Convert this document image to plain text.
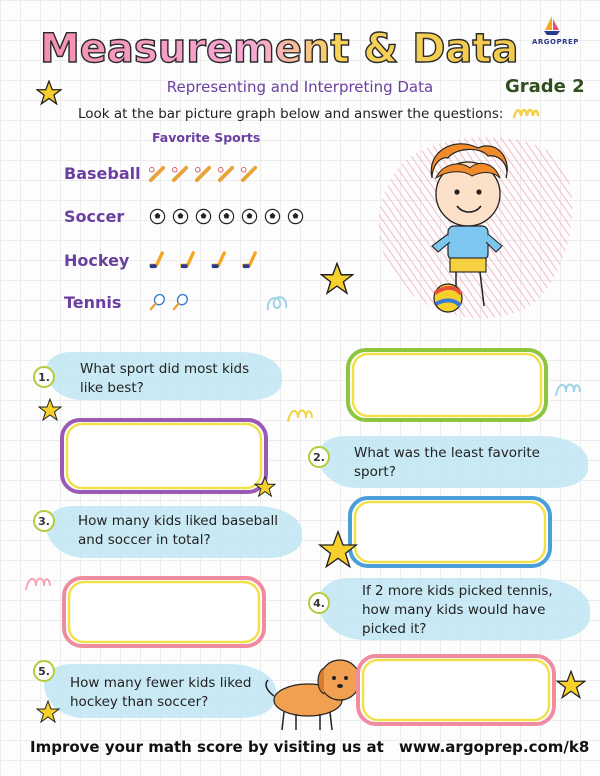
Measurement & Data ARGOPREP
Representing and Interpreting Data	Grade 2
Look at the bar picture graph below and answer the questions:
Favorite Sports
Baseball
Soccer
Hockey
Tennis
1.	What sport did most kids like best?
2.	What was the least favorite sport?
3.	How many kids liked baseball and soccer in total?
4.
If 2 more kids picked tennis, how many kids would have picked it?
5.
How many fewer kids liked hockey than soccer?
Improve your math score by visiting us at www.argoprep.com/k8
